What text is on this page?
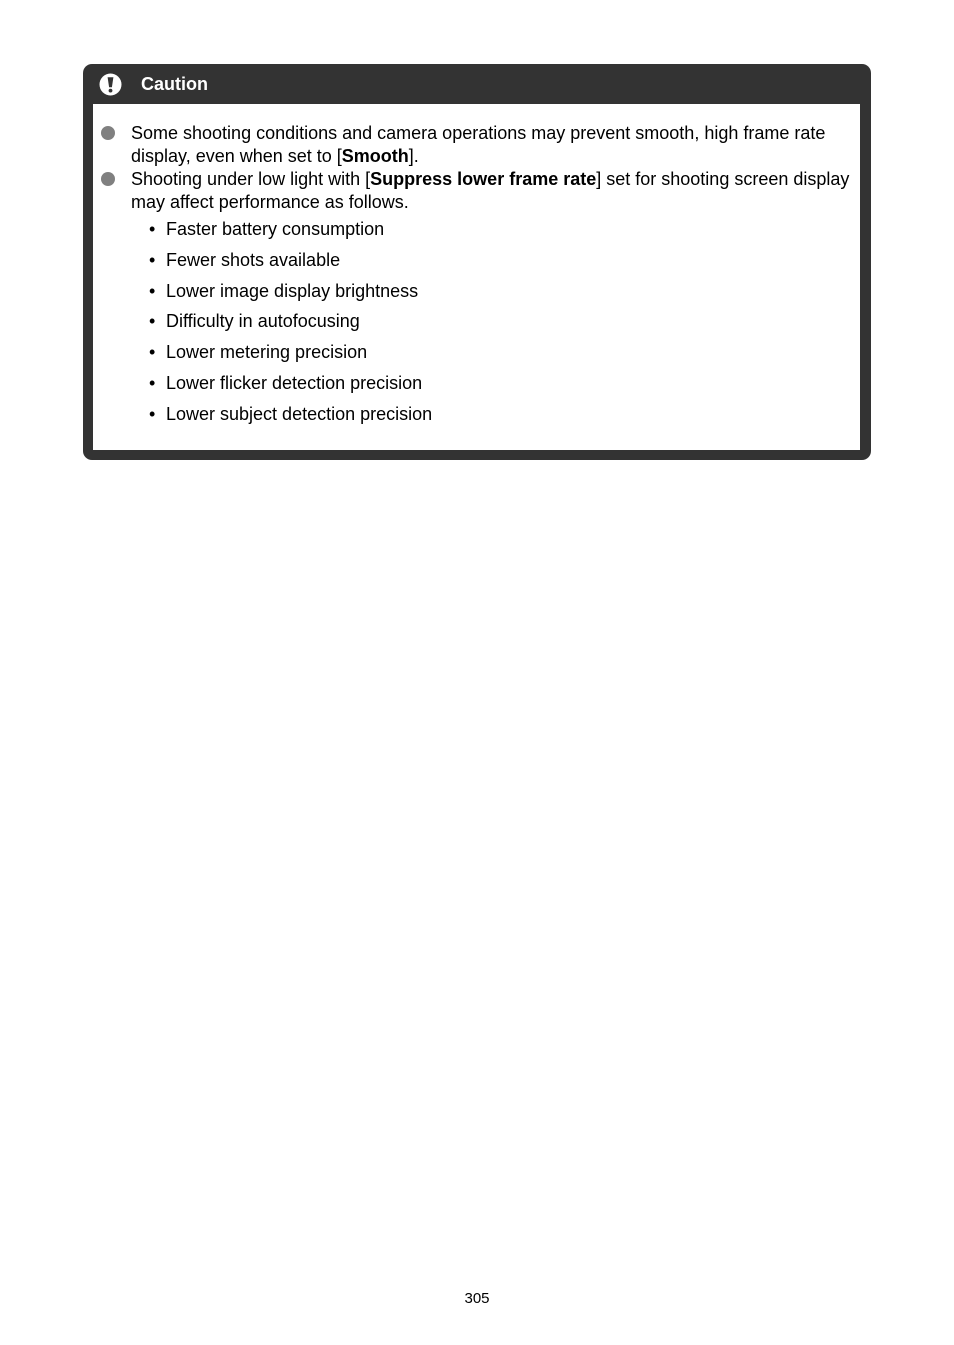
Caution
Some shooting conditions and camera operations may prevent smooth, high frame rate display, even when set to [Smooth].
Shooting under low light with [Suppress lower frame rate] set for shooting screen display may affect performance as follows.
• Faster battery consumption
• Fewer shots available
• Lower image display brightness
• Difficulty in autofocusing
• Lower metering precision
• Lower flicker detection precision
• Lower subject detection precision
305
